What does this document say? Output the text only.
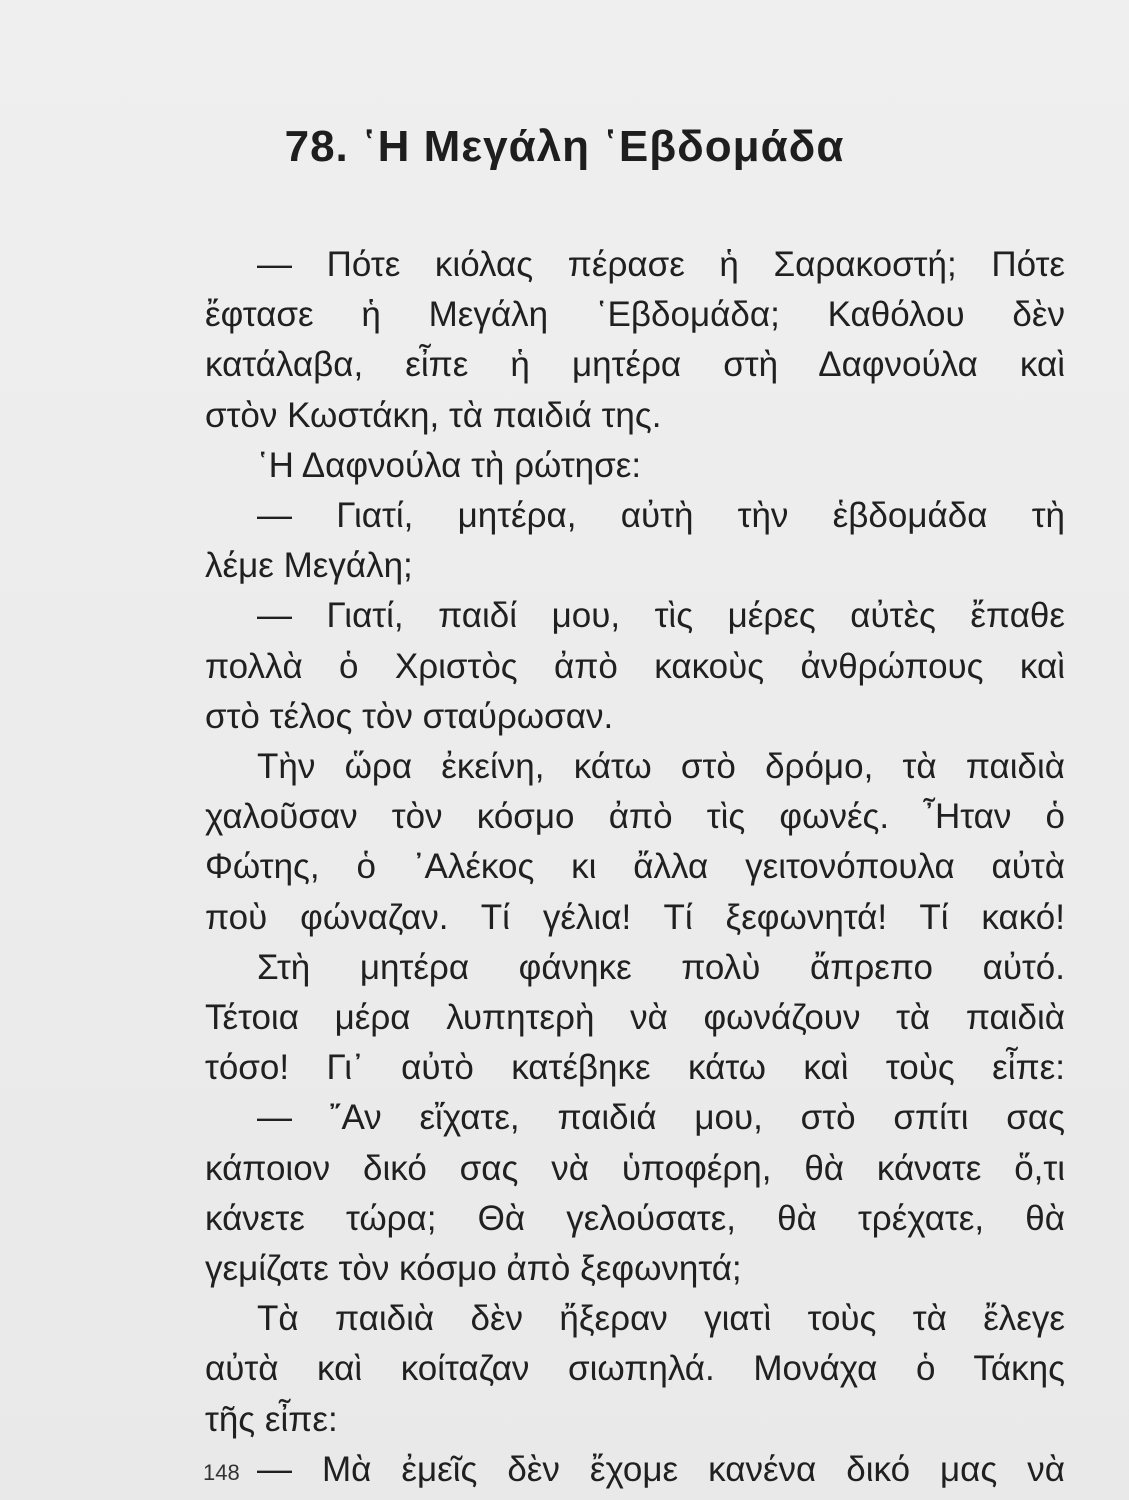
78. ῾Η Μεγάλη ῾Εβδομάδα
— Πότε κιόλας πέρασε ἡ Σαρακοστή; Πότε
ἔφτασε ἡ Μεγάλη ῾Εβδομάδα; Καθόλου δὲν
κατάλαβα, εἶπε ἡ μητέρα στὴ Δαφνούλα καὶ
στὸν Κωστάκη, τὰ παιδιά της.
῾Η Δαφνούλα τὴ ρώτησε:
— Γιατί, μητέρα, αὐτὴ τὴν ἑβδομάδα τὴ
λέμε Μεγάλη;
— Γιατί, παιδί μου, τὶς μέρες αὐτὲς ἔπαθε
πολλὰ ὁ Χριστὸς ἀπὸ κακοὺς ἀνθρώπους καὶ
στὸ τέλος τὸν σταύρωσαν.
Τὴν ὥρα ἐκείνη, κάτω στὸ δρόμο, τὰ παιδιὰ
χαλοῦσαν τὸν κόσμο ἀπὸ τὶς φωνές. ῏Ηταν ὁ
Φώτης, ὁ ᾿Αλέκος κι ἄλλα γειτονόπουλα αὐτὰ
ποὺ φώναζαν. Τί γέλια! Τί ξεφωνητά! Τί κακό!
Στὴ μητέρα φάνηκε πολὺ ἄπρεπο αὐτό.
Τέτοια μέρα λυπητερὴ νὰ φωνάζουν τὰ παιδιὰ
τόσο! Γι᾿ αὐτὸ κατέβηκε κάτω καὶ τοὺς εἶπε:
— ῎Αν εἴχατε, παιδιά μου, στὸ σπίτι σας
κάποιον δικό σας νὰ ὑποφέρη, θὰ κάνατε ὅ,τι
κάνετε τώρα; Θὰ γελούσατε, θὰ τρέχατε, θὰ
γεμίζατε τὸν κόσμο ἀπὸ ξεφωνητά;
Τὰ παιδιὰ δὲν ἤξεραν γιατὶ τοὺς τὰ ἔλεγε
αὐτὰ καὶ κοίταζαν σιωπηλά. Μονάχα ὁ Τάκης
τῆς εἶπε:
— Μὰ ἐμεῖς δὲν ἔχομε κανένα δικό μας νὰ
148
